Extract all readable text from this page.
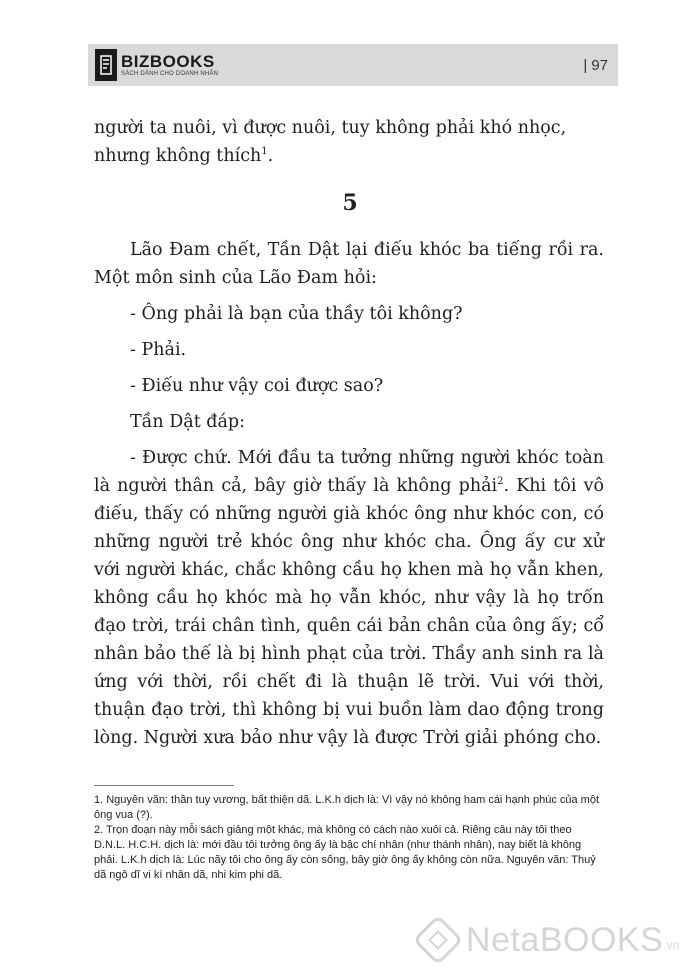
BIZBOOKS
SÁCH DÀNH CHO DOANH NHÂN	| 97

người ta nuôi, vì được nuôi, tuy không phải khó nhọc,

nhưng không thích$^1$.

5

Lão Đam chết, Tần Dật lại điếu khóc ba tiếng rồi ra. Một môn sinh của Lão Đam hỏi:

- Ông phải là bạn của thầy tôi không?

- Phải.

- Điếu như vậy coi được sao?

Tần Dật đáp:

- Được chứ. Mới đầu ta tưởng những người khóc toàn là người thân cả, bây giờ thấy là không phải$^2$. Khi tôi vô điếu, thấy có những người già khóc ông như khóc con, có những người trẻ khóc ông như khóc cha. Ông ấy cư xử với người khác, chắc không cầu họ khen mà họ vẫn khen, không cầu họ khóc mà họ vẫn khóc, như vậy là họ trốn đạo trời, trái chân tình, quên cái bản chân của ông ấy; cổ nhân bảo thế là bị hình phạt của trời. Thầy anh sinh ra là ứng với thời, rồi chết đi là thuận lẽ trời. Vui với thời, thuận đạo trời, thì không bị vui buồn làm dao động trong lòng. Người xưa bảo như vậy là được Trời giải phóng cho.

1. Nguyên văn: thần tuy vương, bất thiện dã. L.K.h dịch là: Vì vậy nó không ham cái hạnh phúc của một ông vua (?).

2. Trọn đoạn này mỗi sách giảng một khác, mà không có cách nào xuôi cả. Riêng câu này tôi theo D.N.L. H.C.H. dịch là: mới đầu tôi tưởng ông ấy là bậc chí nhân (như thánh nhân), nay biết là không phải. L.K.h dịch là: Lúc nãy tôi cho ông ấy còn sống, bây giờ ông ấy không còn nữa. Nguyên văn: Thuỷ dã ngô dĩ vi kì nhân dã, nhi kim phi dã.

NetaBOOKS .vn
